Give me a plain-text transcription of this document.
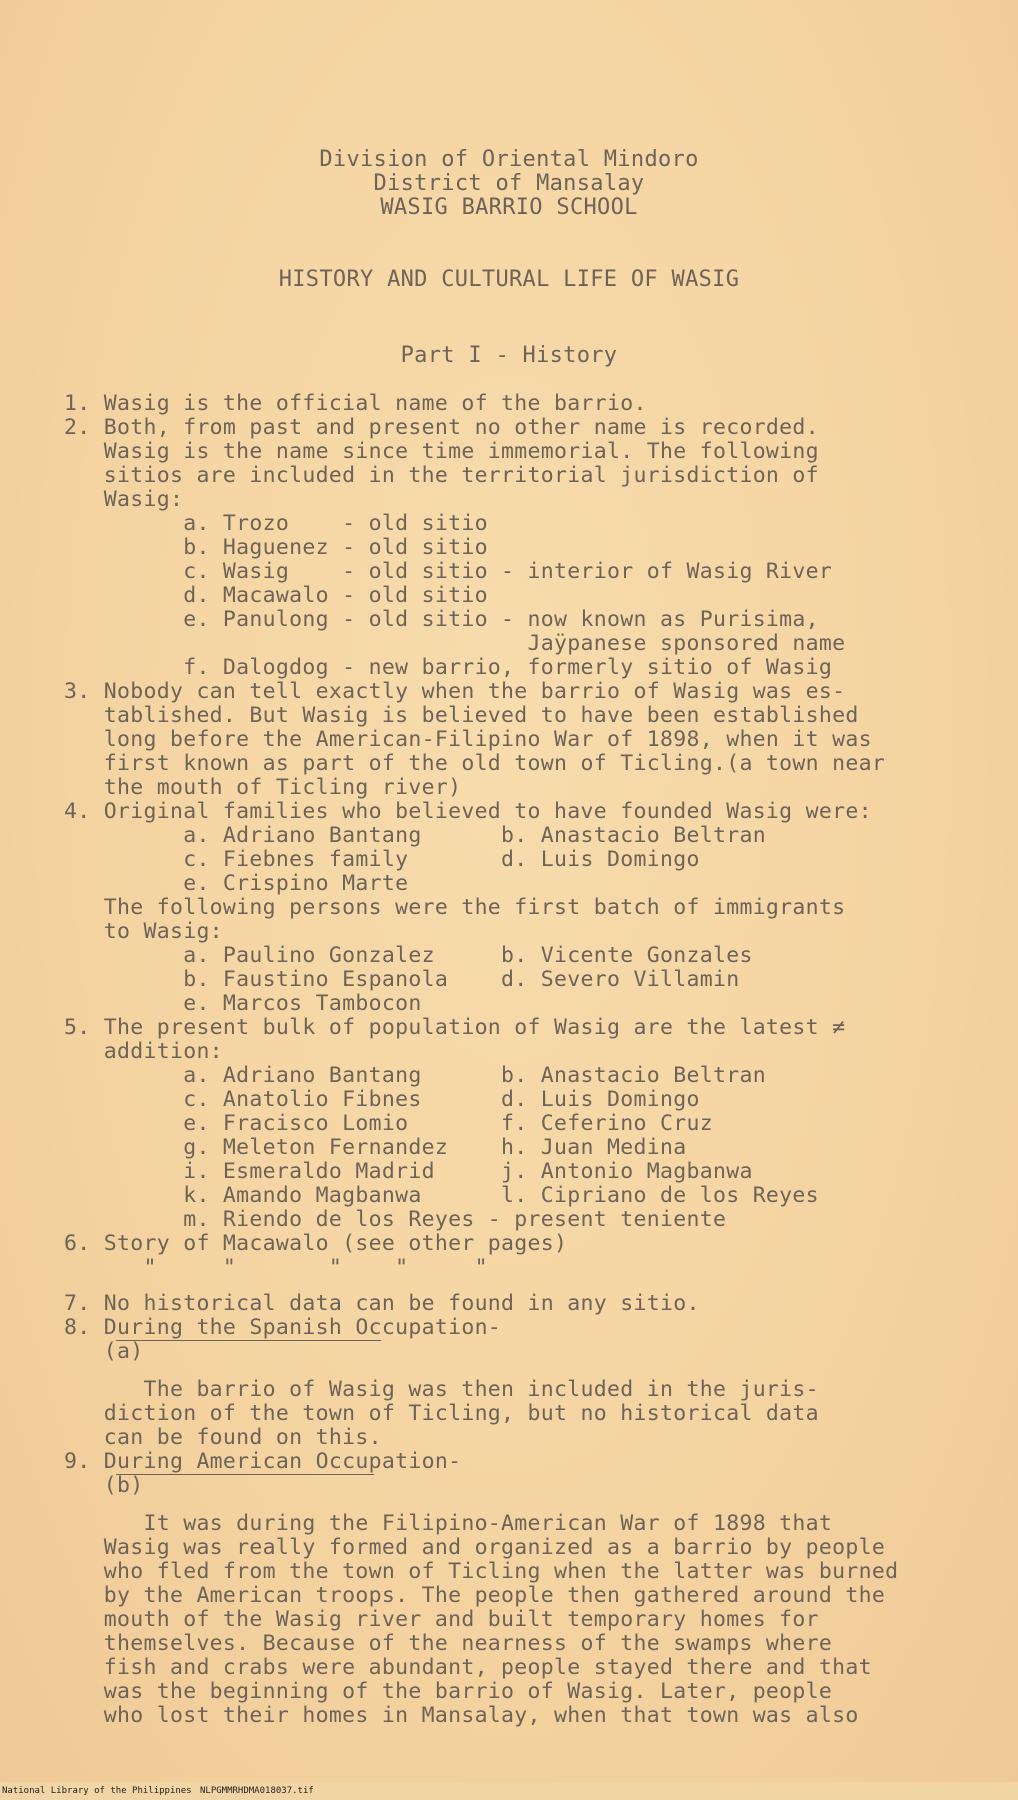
Division of Oriental Mindoro
District of Mansalay
WASIG BARRIO SCHOOL
HISTORY AND CULTURAL LIFE OF WASIG
Part I - History
1. Wasig is the official name of the barrio.
2. Both, from past and present no other name is recorded.
Wasig is the name since time immemorial. The following
sitios are included in the territorial jurisdiction of
Wasig:
a. Trozo    - old sitio
b. Haguenez - old sitio
c. Wasig    - old sitio - interior of Wasig River
d. Macawalo - old sitio
e. Panulong - old sitio - now known as Purisima,
Jaÿpanese sponsored name
f. Dalogdog - new barrio, formerly sitio of Wasig
3. Nobody can tell exactly when the barrio of Wasig was es-
tablished. But Wasig is believed to have been established
long before the American-Filipino War of 1898, when it was
first known as part of the old town of Ticling.(a town near
the mouth of Ticling river)
4. Original families who believed to have founded Wasig were:
a. Adriano Bantang      b. Anastacio Beltran
c. Fiebnes family       d. Luis Domingo
e. Crispino Marte
The following persons were the first batch of immigrants
to Wasig:
a. Paulino Gonzalez     b. Vicente Gonzales
b. Faustino Espanola    d. Severo Villamin
e. Marcos Tambocon
5. The present bulk of population of Wasig are the latest ≠
addition:
a. Adriano Bantang      b. Anastacio Beltran
c. Anatolio Fibnes      d. Luis Domingo
e. Fracisco Lomio       f. Ceferino Cruz
g. Meleton Fernandez    h. Juan Medina
i. Esmeraldo Madrid     j. Antonio Magbanwa
k. Amando Magbanwa      l. Cipriano de los Reyes
m. Riendo de los Reyes - present teniente
6. Story of Macawalo (see other pages)
"     "       "    "     "
7. No historical data can be found in any sitio.
8. During the Spanish Occupation-
(a)
The barrio of Wasig was then included in the juris-
diction of the town of Ticling, but no historical data
can be found on this.
9. During American Occupation-
(b)
It was during the Filipino-American War of 1898 that
Wasig was really formed and organized as a barrio by people
who fled from the town of Ticling when the latter was burned
by the American troops. The people then gathered around the
mouth of the Wasig river and built temporary homes for
themselves. Because of the nearness of the swamps where
fish and crabs were abundant, people stayed there and that
was the beginning of the barrio of Wasig. Later, people
who lost their homes in Mansalay, when that town was also
National Library of the Philippines NLPGMMRHDMA018037.tif
